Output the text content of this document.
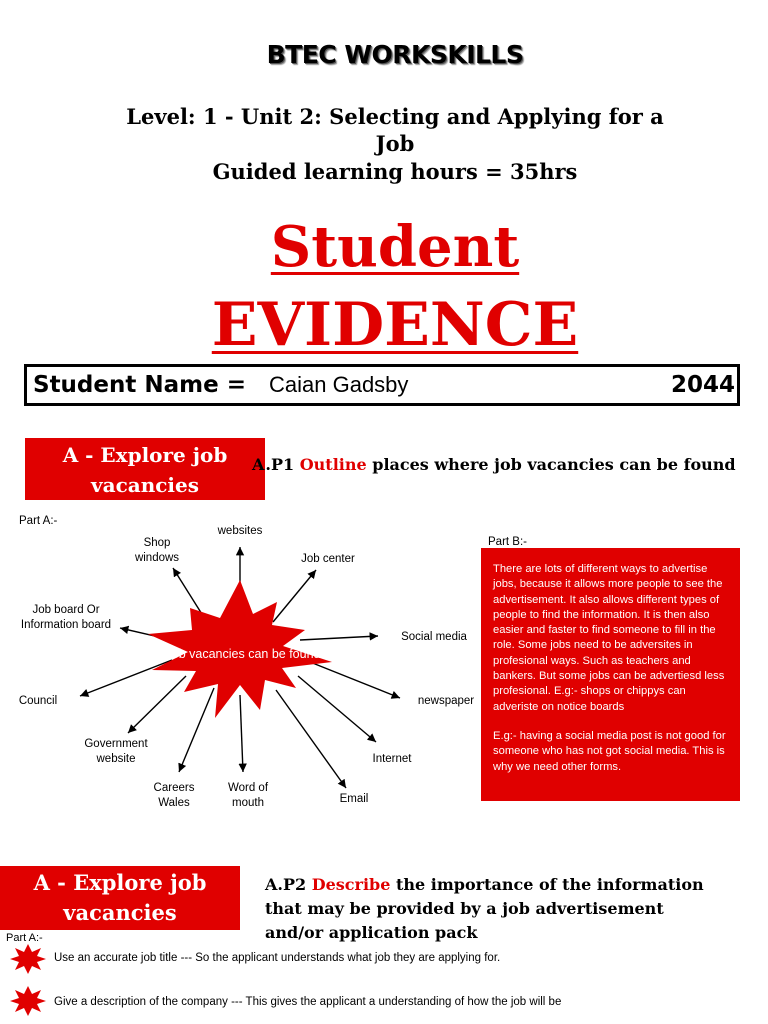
BTEC WORKSKILLS
Level: 1 - Unit 2: Selecting and Applying for a
Job
Guided learning hours = 35hrs
Student
EVIDENCE
Student Name = Caian Gadsby	2044
A - Explore job
vacancies
A.P1 Outline places where job vacancies can be found
Part A:-
Job vacancies can be found
websites
Job center
Social media
newspaper
Internet
Email
Word of mouth
Careers Wales
Government website
Council
Job board Or Information board
Shop windows
Part B:-

There are lots of different ways to advertise jobs, because it allows more people to see the advertisement. It also allows different types of people to find the information. It is then also easier and faster to find someone to fill in the role. Some jobs need to be adversites in profesional ways. Such as teachers and bankers. But some jobs can be advertiesd less profesional. E.g:- shops or chippys can adveriste on notice boards

E.g:- having a social media post is not good for someone who has not got social media. This is why we need other forms.

A - Explore job
vacancies
A.P2 Describe the importance of the information
that may be provided by a job advertisement
and/or application pack
Part A:-
Use an accurate job title --- So the applicant understands what job they are applying for.
Give a description of the company --- This gives the applicant a understanding of how the job will be
